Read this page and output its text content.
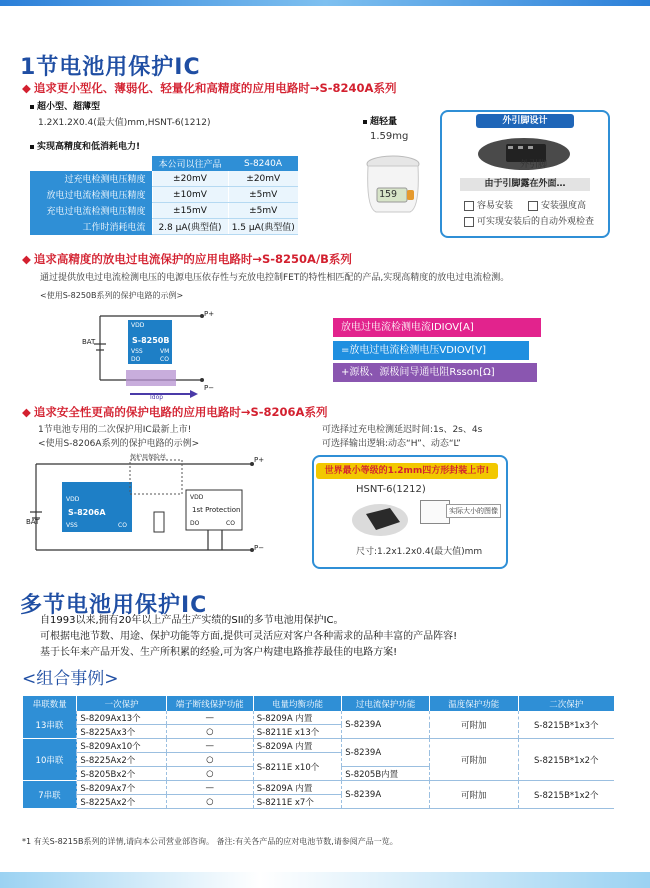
1节电池用保护IC
◆ 追求更小型化、薄弱化、轻量化和高精度的应用电路时→S-8240A系列
超小型、超薄型
1.2X1.2X0.4(最大值)mm,HSNT-6(1212)
实现高精度和低消耗电力!
	本公司以往产品	S-8240A
过充电检测电压精度	±20mV	±20mV
放电过电流检测电压精度	±10mV	±5mV
充电过电流检测电压精度	±15mV	±5mV
工作时消耗电流	2.8 μA(典型值)	1.5 μA(典型值)
超轻量
1.59mg
159
外引脚设计
外引脚
由于引脚露在外面…
容易安装	安装强度高
可实现安装后的自动外观检查
◆ 追求高精度的放电过电流保护的应用电路时→S-8250A/B系列
通过提供放电过电流检测电压的电源电压依存性与充放电控制FET的特性相匹配的产品,实现高精度的放电过电流检测。
<使用S-8250B系列的保护电路的示例>
VDD
S-8250B
VSS	VM
DO	CO
BAT
P+
P−
Idop
放电过电流检测电流IDIOV[A]
=放电过电流检测电压VDIOV[V]
+源极、源极间导通电阻Rsson[Ω]
◆ 追求安全性更高的保护电路的应用电路时→S-8206A系列
1节电池专用的二次保护用IC最新上市!
<使用S-8206A系列的保护电路的示例>
可选择过充电检测延迟时间:1s、2s、4s
可选择输出逻辑:动态“H”、动态“L”
VDD
S-8206A
VSS	CO
BAT
P+
P−
保护用保险丝
VDD
1st Protection
DO	CO
世界最小等级的1.2mm四方形封装上市!
HSNT-6(1212)
实际大小的图像
尺寸:1.2x1.2x0.4(最大值)mm
多节电池用保护IC
自1993以来,拥有20年以上产品生产实绩的SII的多节电池用保护IC。
可根据电池节数、用途、保护功能等方面,提供可灵活应对客户各种需求的品种丰富的产品阵容!
基于长年来产品开发、生产所积累的经验,可为客户构建电路推荐最佳的电路方案!
<组合事例>
串联数量	一次保护	端子断线保护功能	电量均衡功能	过电流保护功能	温度保护功能	二次保护
13串联	S-8209Ax13个	—	S-8209A 内置	S-8239A	可附加	S-8215B*1x3个
	S-8225Ax3个	○	S-8211E x13个			
10串联	S-8209Ax10个	—	S-8209A 内置	S-8239A	可附加	S-8215B*1x2个
	S-8225Ax2个	○	S-8211E x10个			
	S-8205Bx2个	○		S-8205B内置		
7串联	S-8209Ax7个	—	S-8209A 内置	S-8239A	可附加	S-8215B*1x2个
	S-8225Ax2个	○	S-8211E x7个			
*1 有关S-8215B系列的详情,请向本公司营业部咨询。 备注:有关各产品的应对电池节数,请参阅产品一览。
